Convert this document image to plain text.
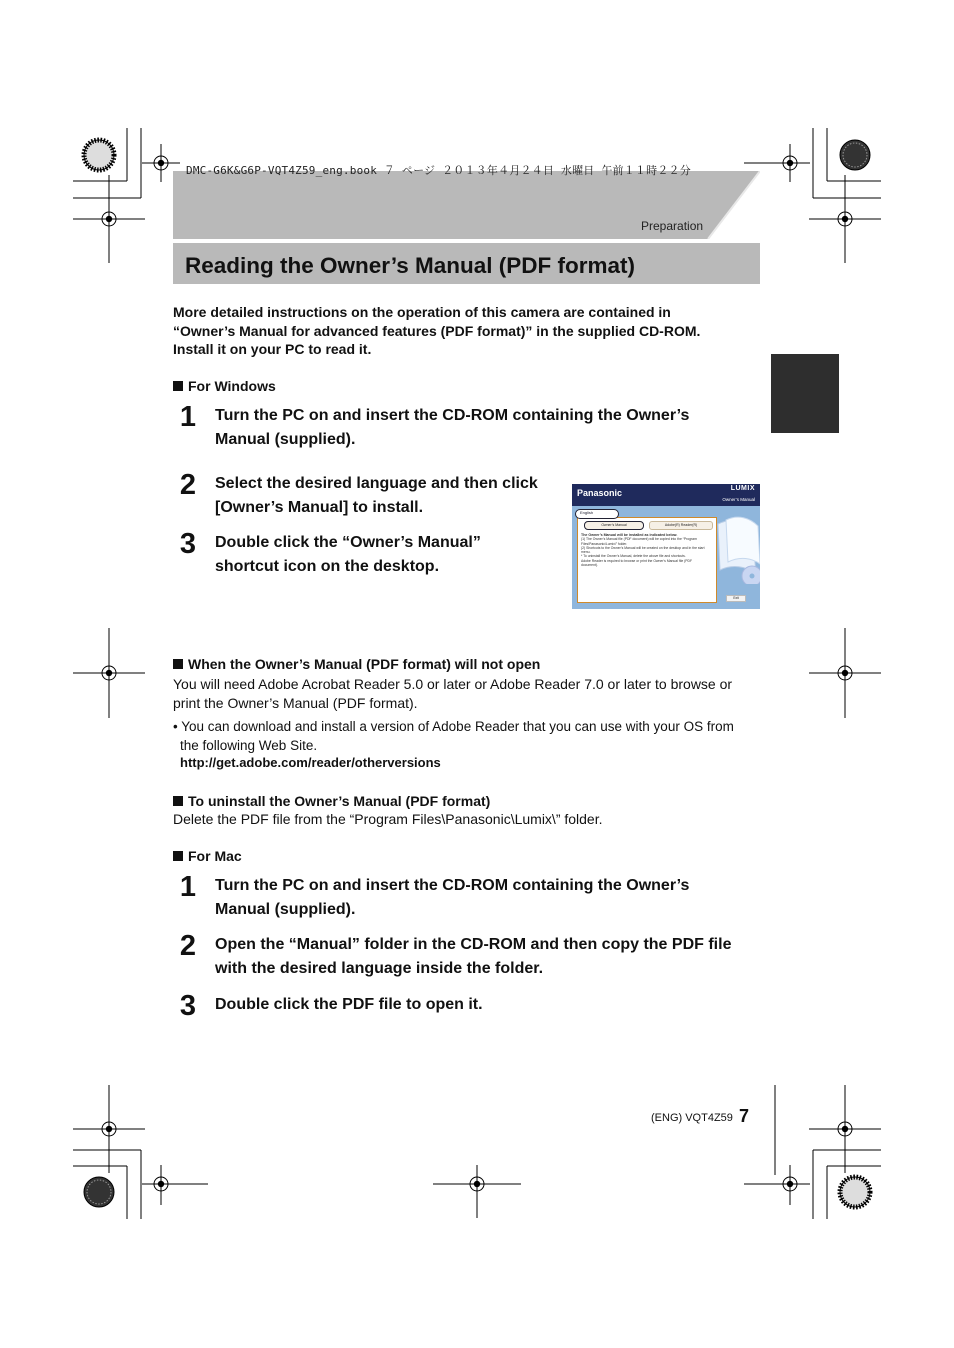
DMC-G6K&G6P-VQT4Z59_eng.book ７ ページ ２０１３年４月２４日 水曜日 午前１１時２２分
Preparation
Reading the Owner’s Manual (PDF format)
More detailed instructions on the operation of this camera are contained in
“Owner’s Manual for advanced features (PDF format)” in the supplied CD-ROM.
Install it on your PC to read it.
For Windows
1	Turn the PC on and insert the CD-ROM containing the Owner’s
Manual (supplied).
2	Select the desired language and then click
[Owner’s Manual] to install.
3	Double click the “Owner’s Manual”
shortcut icon on the desktop.
Panasonic	LUMIX
Owner’s Manual
English
Owner’s Manual	Adobe(R) Reader(R)
The Owner’s Manual will be installed as indicated below.
(1) The Owner’s Manual file (PDF document) will be copied into the “Program Files\Panasonic\Lumix\” folder.
(2) Shortcuts to the Owner’s Manual will be created on the desktop and in the start menu.
* To uninstall the Owner’s Manual, delete the above file and shortcuts.
Adobe Reader is required to browse or print the Owner’s Manual file (PDF document).
Exit
When the Owner’s Manual (PDF format) will not open
You will need Adobe Acrobat Reader 5.0 or later or Adobe Reader 7.0 or later to browse or
print the Owner’s Manual (PDF format).
• You can download and install a version of Adobe Reader that you can use with your OS from
the following Web Site.
http://get.adobe.com/reader/otherversions
To uninstall the Owner’s Manual (PDF format)
Delete the PDF file from the “Program Files\Panasonic\Lumix\” folder.
For Mac
1	Turn the PC on and insert the CD-ROM containing the Owner’s
Manual (supplied).
2	Open the “Manual” folder in the CD-ROM and then copy the PDF file
with the desired language inside the folder.
3	Double click the PDF file to open it.
(ENG) VQT4Z59 7
